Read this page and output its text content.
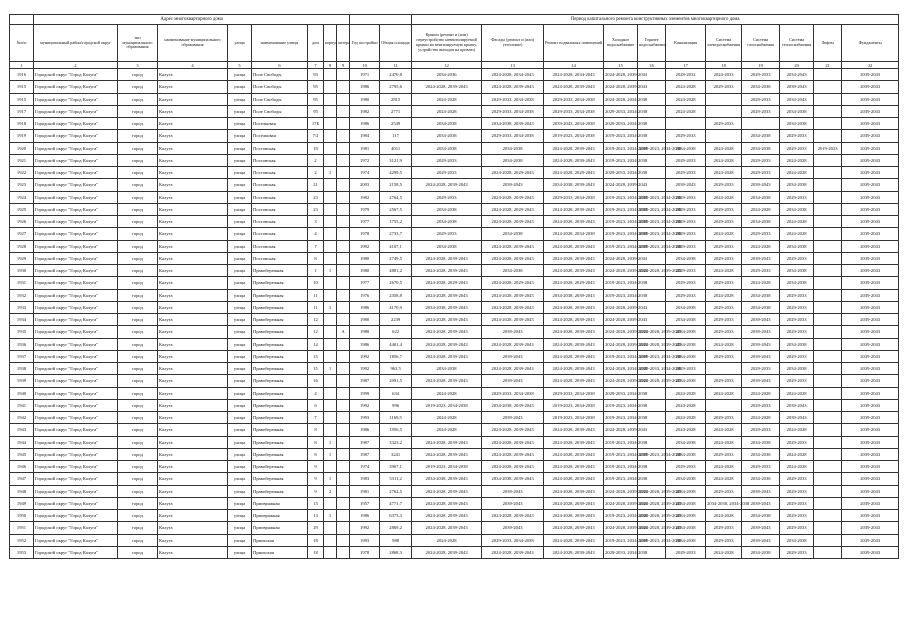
	Адрес многоквартирного дома										Период капитального ремонта конструктивных элементов многоквартирного дома										
№п/п	муниципальный район/городской округ	тип муниципального образования	наименование муниципального образования	улица	наименование улицы	дом	корпус	литера	Год постройки	Общая площадь	Крыши (ремонт и (или) переустройство невентилируемой крыши на вентилируемую крышу, устройство выходов на кровлю)	Фасады (ремонт и (или) утепление)	Ремонт подвальных помещений	Холодное водоснабжение	Горячее водоснабжение	Канализация	Система электроснабжения	Система газоснабжения	Система теплоснабжения	Лифты	Фундаменты
1	2	3	4	5	6	7	8	9	10	11	12	13	14	15	16	17	18	19	20	21	22
1916	Городской округ "Город Калуга"	город	Калуга	улица	Поле Свободы	93			1971	2470,8	2034-2036	2024-2028, 2034-2043	2024-2028, 2034-2043	2024-2028, 2039-2043		2028-2032	2024-2033	2029-2033	2034-2043		2039-2043
1915	Городской округ "Город Калуга"	город	Калуга	улица	Поле Свободы	95			1986	2795,6	2024-2028, 2039-2043	2024-2028, 2039-2043	2024-2028, 2039-2043	2024-2028, 2039-2043		2024-2028	2029-2033	2034-2038	2039-2043		2039-2043
1915	Городской округ "Город Калуга"	город	Калуга	улица	Поле Свободы	95			1980	2815	2024-2028	2029-2033, 2034-2038	2029-2033, 2034-2038	2024-2028, 2034-2038		2024-2028		2029-2033	2034-2043		2039-2043
1917	Городской округ "Город Калуга"	город	Калуга	улица	Поле Свободы	95			1982	2771	2024-2028	2029-2033, 2034-2038	2029-2033, 2034-2038	2029-2033, 2034-2038		2024-2028		2029-2033	2034-2038		2039-2043
1918	Городской округ "Город Калуга"	город	Калуга	улица	Поселковая	17Б			1986	2549	2034-2038	2034-2038, 2039-2043	2039-2043, 2034-2038	2029-2033, 2034-2038			2029-2033		2034-2038		2039-2043
1919	Городской округ "Город Калуга"	город	Калуга	улица	Поселковая	7/2			1984	117	2034-2038	2029-2033, 2034-2038	2019-2023, 2034-2038	2019-2023, 2034-2038		2029-2033		2034-2038	2029-2033		2039-2043
1920	Городской округ "Город Калуга"	город	Калуга	улица	Постовская	19			1981	4011	2034-2038	2034-2038	2024-2028, 2039-2043	2019-2023, 2034-2038	2019-2023, 2034-2038	2034-2038	2024-2028	2034-2038	2029-2033	2019-2023	2039-2043
1921	Городской округ "Город Калуга"	город	Калуга	улица	Постовская	2			1972	3121,9	2029-2033	2034-2038	2024-2028, 2039-2043	2019-2023, 2034-2038		2029-2033	2024-2028	2029-2033	2024-2028		2039-2043
1922	Городской округ "Город Калуга"	город	Калуга	улица	Постовская	2	1		1974	4299,5	2029-2033	2024-2028, 2029-2043	2024-2028, 2029-2043	2029-2033, 2034-2038		2029-2033	2024-2028	2029-2033	2024-2028		2039-2043
1923	Городской округ "Город Калуга"	город	Калуга	улица	Постовская	21			2003	2158,5	2024-2028, 2039-2043	2039-2043	2034-2038, 2039-2043	2024-2028, 2039-2043		2039-2043	2029-2033	2039-2043	2034-2038		2039-2043
1924	Городской округ "Город Калуга"	город	Калуга	улица	Постовская	23			1982	2764,5	2029-2033	2024-2028, 2039-2043	2029-2033, 2034-2038	2019-2023, 2034-2038	2019-2023, 2034-2038	2029-2033	2024-2028	2034-2038	2029-2033		2039-2043
1925	Городской округ "Город Калуга"	город	Калуга	улица	Постовская	23			1979	2567,5	2034-2038	2024-2028, 2029-2043	2024-2028, 2039-2043	2019-2023, 2034-2038	2019-2023, 2034-2038	2029-2033	2029-2033	2024-2028	2034-2038		2039-2043
1926	Городской округ "Город Калуга"	город	Калуга	улица	Постовская	3			1977	1755,2	2034-2038	2024-2028, 2039-2043	2024-2028, 2039-2043	2019-2023, 2034-2038	2019-2023, 2034-2038	2029-2033	2029-2033	2034-2038	2024-2028		2039-2043
1927	Городской округ "Город Калуга"	город	Калуга	улица	Постовская	4			1978	2733,7	2029-2033	2034-2038	2024-2028, 2034-2038	2019-2023, 2034-2038	2019-2023, 2034-2038	2029-2033	2024-2028	2029-2033	2024-2028		2039-2043
1928	Городской округ "Город Калуга"	город	Калуга	улица	Постовская	7			1992	4107,1	2034-2038	2024-2028, 2039-2043	2024-2028, 2039-2043	2019-2023, 2034-2038	2019-2023, 2034-2038	2029-2033	2029-2033	2024-2028	2034-2038		2039-2043
1929	Городской округ "Город Калуга"	город	Калуга	улица	Постовская	8			1980	2749,5	2024-2028, 2039-2043	2024-2028, 2039-2043	2024-2028, 2039-2043	2024-2028, 2039-2043		2034-2038	2029-2033	2039-2043	2029-2033		2039-2043
1930	Городской округ "Город Калуга"	город	Калуга	улица	Правобережная	1	1		1980	4881,2	2024-2028, 2039-2043	2034-2038	2024-2028, 2039-2043	2024-2028, 2039-2043	2024-2028, 2039-2043	2029-2033	2024-2028	2029-2033	2034-2038		2039-2043
1931	Городской округ "Город Калуга"	город	Калуга	улица	Правобережная	10			1977	2670,5	2024-2028, 2029-2043	2024-2028, 2029-2043	2024-2028, 2029-2043	2019-2023, 2034-2038		2029-2033	2029-2033	2024-2028	2034-2038		2039-2043
1932	Городской округ "Город Калуга"	город	Калуга	улица	Правобережная	11			1976	2358,8	2024-2028, 2039-2043	2024-2028, 2039-2043	2034-2038, 2039-2043	2019-2023, 2034-2038		2029-2033	2024-2028	2034-2038	2029-2033		2039-2043
1933	Городской округ "Город Калуга"	город	Калуга	улица	Правобережная	11	1		1986	4170,9	2034-2038, 2039-2043	2024-2028, 2039-2043	2024-2028, 2039-2043	2024-2028, 2039-2043		2034-2038	2029-2033	2034-2038	2029-2033		2039-2043
1934	Городской округ "Город Калуга"	город	Калуга	улица	Правобережная	12			1980	2239	2024-2028, 2039-2043	2024-2028, 2039-2043	2024-2028, 2039-2043	2024-2028, 2039-2043		2034-2038	2029-2033	2039-2043	2029-2033		2039-2043
1935	Городской округ "Город Калуга"	город	Калуга	улица	Правобережная	12		А	1988	622	2024-2028, 2039-2043	2039-2043	2024-2028, 2039-2043	2024-2028, 2039-2043	2024-2028, 2039-2043	2034-2038	2029-2033	2039-2043	2029-2033		2039-2043
1936	Городской округ "Город Калуга"	город	Калуга	улица	Правобережная	14			1986	4401,4	2024-2028, 2039-2043	2024-2028, 2039-2043	2024-2028, 2039-2043	2024-2028, 2039-2043	2024-2028, 2039-2043	2034-2038	2024-2028	2039-2043	2034-2038		2039-2043
1937	Городской округ "Город Калуга"	город	Калуга	улица	Правобережная	15			1992	1856,7	2024-2028, 2039-2043	2039-2043	2024-2028, 2039-2043	2019-2023, 2034-2038	2019-2023, 2034-2038	2034-2038	2029-2033	2039-2043	2029-2033		2039-2043
1938	Городской округ "Город Калуга"	город	Калуга	улица	Правобережная	15	1		1992	963,5	2034-2038	2024-2028, 2039-2043	2024-2028, 2039-2043	2024-2028, 2034-2038	2029-2033, 2034-2038	2029-2033		2029-2033	2034-2038		2039-2043
1939	Городской округ "Город Калуга"	город	Калуга	улица	Правобережная	16			1987	2091,5	2024-2028, 2039-2043	2039-2043	2024-2028, 2039-2043	2024-2028, 2039-2043	2024-2028, 2039-2043	2034-2038	2029-2033	2039-2043	2029-2033		2039-2043
1940	Городской округ "Город Калуга"	город	Калуга	улица	Правобережная	4			1999	634	2024-2028	2029-2033, 2034-2038	2029-2033, 2034-2038	2029-2033, 2034-2038		2024-2028	2024-2028	2024-2028	2024-2028		2039-2043
1941	Городской округ "Город Калуга"	город	Калуга	улица	Правобережная	6			1992	996	2019-2023, 2034-2038	2034-2038, 2039-2043	2019-2023, 2034-2038	2019-2023, 2034-2038		2024-2028		2029-2033	2039-2043		2039-2043
1942	Городской округ "Город Калуга"	город	Калуга	улица	Правобережная	7			1993	1169,5	2024-2028	2039-2043	2019-2023, 2034-2038	2019-2023, 2034-2038		2024-2028	2029-2033	2024-2028	2039-2043		2039-2043
1943	Городской округ "Город Калуга"	город	Калуга	улица	Правобережная	8			1986	1956,5	2024-2028	2024-2028, 2039-2043	2024-2028, 2039-2043	2024-2028, 2039-2043		2024-2028	2024-2028	2029-2033	2024-2028		2039-2043
1944	Городской округ "Город Калуга"	город	Калуга	улица	Правобережная	8	1		1987	3323,2	2024-2028, 2039-2043	2024-2028, 2039-2043	2024-2028, 2039-2043	2019-2023, 2034-2038		2034-2038	2024-2028	2034-2038	2029-2033		2039-2043
1945	Городской округ "Город Калуга"	город	Калуга	улица	Правобережная	8	1		1987	3241	2024-2028, 2039-2043	2024-2028, 2039-2043	2024-2028, 2039-2043	2019-2023, 2034-2038	2019-2023, 2034-2038	2034-2038	2029-2033	2034-2038	2024-2028		2039-2043
1946	Городской округ "Город Калуга"	город	Калуга	улица	Правобережная	9			1974	3907,1	2019-2023, 2034-2038	2024-2028, 2039-2043	2024-2028, 2039-2043	2019-2023, 2034-2038		2029-2033	2024-2028	2029-2033	2024-2028		2039-2043
1947	Городской округ "Город Калуга"	город	Калуга	улица	Правобережная	9	1		1983	5311,2	2034-2038, 2039-2043	2034-2038, 2039-2043	2024-2028, 2039-2043	2019-2023, 2034-2038		2034-2038	2024-2028	2034-2038	2029-2033		2039-2043
1948	Городской округ "Город Калуга"	город	Калуга	улица	Правобережная	9	2		1981	2762,5	2024-2028, 2039-2043	2039-2043	2024-2028, 2039-2043	2024-2028, 2039-2043	2024-2028, 2039-2043	2034-2038	2029-2033	2039-2043	2029-2033		2039-2043
1949	Городской округ "Город Калуга"	город	Калуга	улица	Приовражная	13			1957	4771,7	2024-2028, 2039-2043	2039-2043	2024-2028, 2039-2043	2024-2028, 2039-2043	2024-2028, 2039-2043	2034-2038	2034-2038, 2034-2038	2039-2043	2029-2033		2039-2043
1950	Городской округ "Город Калуга"	город	Калуга	улица	Приовражная	13	1		1986	6373,3	2024-2028, 2039-2043	2024-2028, 2039-2043	2024-2028, 2039-2043	2019-2023, 2034-2038	2024-2028, 2039-2043	2034-2038	2024-2028	2034-2038	2029-2033		2039-2043
1951	Городской округ "Город Калуга"	город	Калуга	улица	Приовражная	29			1992	2869,2	2024-2028, 2039-2043	2039-2043	2024-2028, 2039-2043	2024-2028, 2039-2043	2024-2028, 2039-2043	2034-2038	2029-2033	2039-2043	2029-2033		2039-2043
1952	Городской округ "Город Калуга"	город	Калуга	улица	Приокская	18			1993	988	2024-2028	2029-2033, 2034-2038	2024-2028, 2039-2043	2019-2023, 2034-2038	2019-2023, 2034-2038	2034-2038	2029-2033	2039-2043	2034-2038		2039-2043
1953	Городской округ "Город Калуга"	город	Калуга	улица	Приокская	18			1978	2868,3	2024-2028, 2039-2043	2024-2028, 2039-2043	2024-2028, 2039-2043	2029-2033, 2034-2038		2029-2033	2024-2028	2034-2038	2029-2033		2039-2043
